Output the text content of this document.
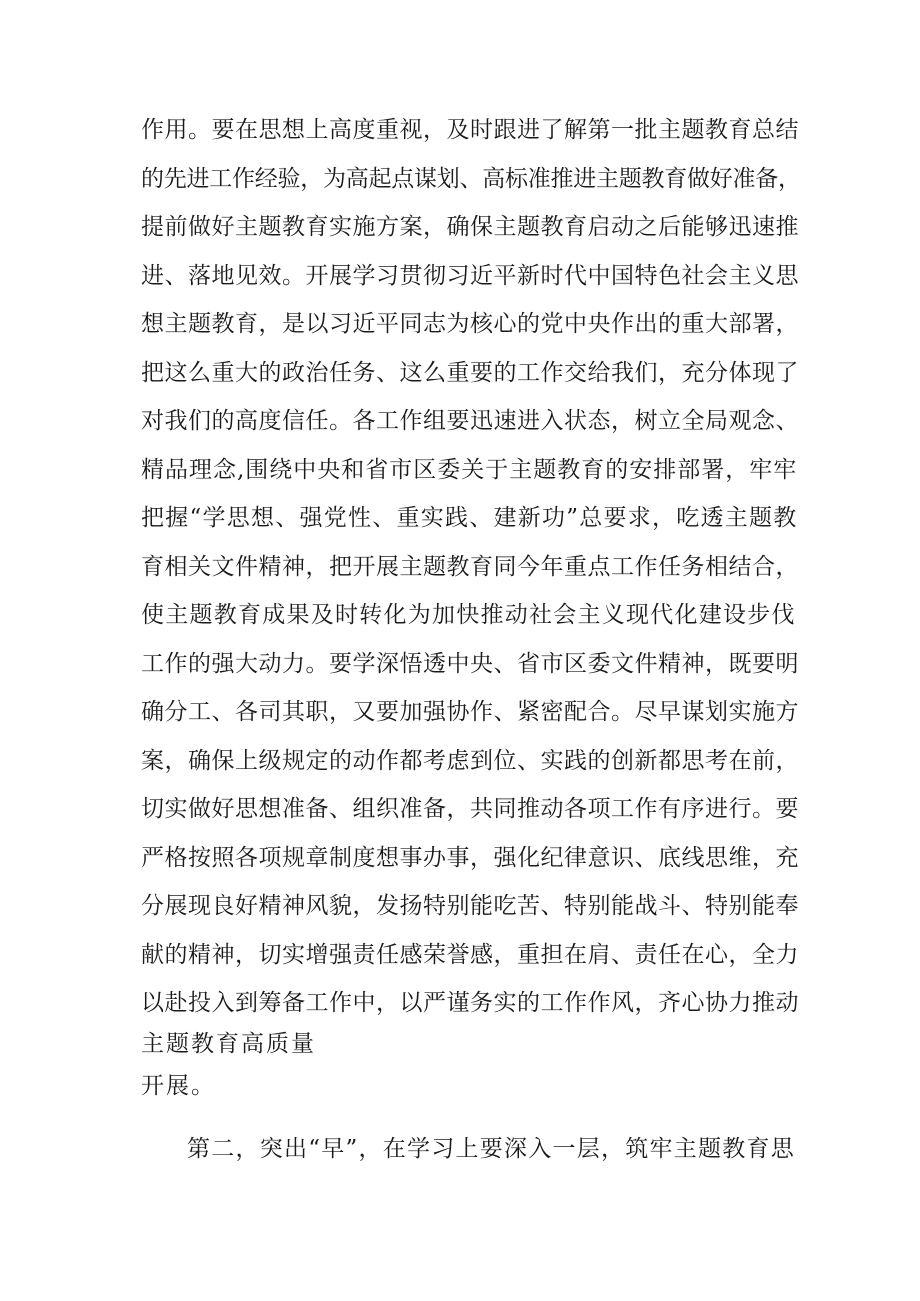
作用。要在思想上高度重视，及时跟进了解第一批主题教育总结
的先进工作经验，为高起点谋划、高标准推进主题教育做好准备，
提前做好主题教育实施方案，确保主题教育启动之后能够迅速推
进、落地见效。开展学习贯彻习近平新时代中国特色社会主义思
想主题教育，是以习近平同志为核心的党中央作出的重大部署，
把这么重大的政治任务、这么重要的工作交给我们，充分体现了
对我们的高度信任。各工作组要迅速进入状态，树立全局观念、
精品理念,围绕中央和省市区委关于主题教育的安排部署，牢牢
把握“学思想、强党性、重实践、建新功”总要求，吃透主题教
育相关文件精神，把开展主题教育同今年重点工作任务相结合，
使主题教育成果及时转化为加快推动社会主义现代化建设步伐
工作的强大动力。要学深悟透中央、省市区委文件精神，既要明
确分工、各司其职，又要加强协作、紧密配合。尽早谋划实施方
案，确保上级规定的动作都考虑到位、实践的创新都思考在前，
切实做好思想准备、组织准备，共同推动各项工作有序进行。要
严格按照各项规章制度想事办事，强化纪律意识、底线思维，充
分展现良好精神风貌，发扬特别能吃苦、特别能战斗、特别能奉
献的精神，切实增强责任感荣誉感，重担在肩、责任在心，全力
以赴投入到筹备工作中，以严谨务实的工作作风，齐心协力推动
主题教育高质量
开展。
第二，突出“早”，在学习上要深入一层，筑牢主题教育思
